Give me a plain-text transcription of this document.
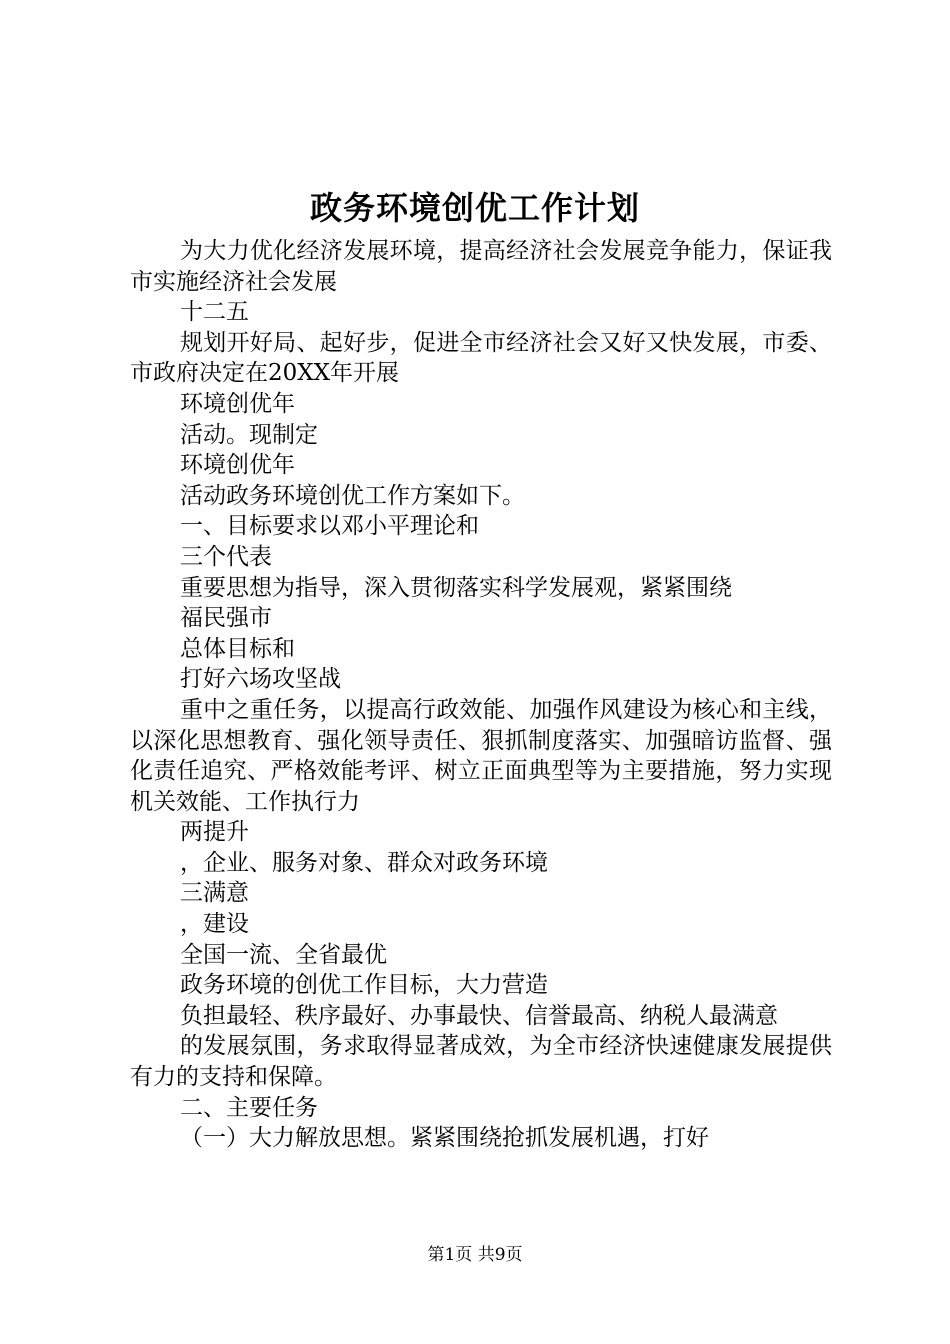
政务环境创优工作计划

为大力优化经济发展环境，提高经济社会发展竞争能力，保证我市实施经济社会发展

十二五

规划开好局、起好步，促进全市经济社会又好又快发展，市委、市政府决定在20XX年开展

环境创优年

活动。现制定

环境创优年

活动政务环境创优工作方案如下。

一、目标要求以邓小平理论和

三个代表

重要思想为指导，深入贯彻落实科学发展观，紧紧围绕

福民强市

总体目标和

打好六场攻坚战

重中之重任务，以提高行政效能、加强作风建设为核心和主线，以深化思想教育、强化领导责任、狠抓制度落实、加强暗访监督、强化责任追究、严格效能考评、树立正面典型等为主要措施，努力实现机关效能、工作执行力

两提升

，企业、服务对象、群众对政务环境

三满意

，建设

全国一流、全省最优

政务环境的创优工作目标，大力营造

负担最轻、秩序最好、办事最快、信誉最高、纳税人最满意

的发展氛围，务求取得显著成效，为全市经济快速健康发展提供有力的支持和保障。

二、主要任务

（一）大力解放思想。紧紧围绕抢抓发展机遇，打好

第1页 共9页
